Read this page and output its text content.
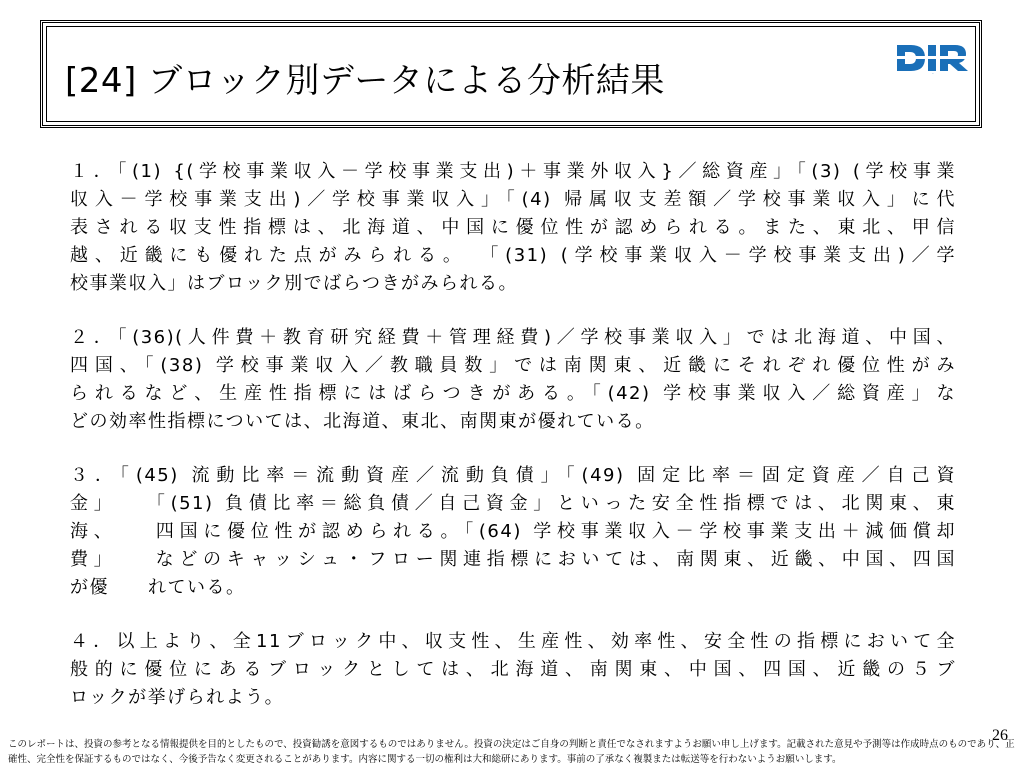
[24] ブロック別データによる分析結果	DIR
１．「(1) {(学校事業収入－学校事業支出)＋事業外収入}／総資産」「(3) (学校事業
収入－学校事業支出)／学校事業収入」「(4) 帰属収支差額／学校事業収入」に代
表される収支性指標は、北海道、中国に優位性が認められる。また、東北、甲信
越、近畿にも優れた点がみられる。 「(31) (学校事業収入－学校事業支出)／学
校事業収入」はブロック別でばらつきがみられる。
２．「(36)(人件費＋教育研究経費＋管理経費)／学校事業収入」では北海道、中国、
四国、「(38) 学校事業収入／教職員数」では南関東、近畿にそれぞれ優位性がみ
られるなど、生産性指標にはばらつきがある。「(42) 学校事業収入／総資産」な
どの効率性指標については、北海道、東北、南関東が優れている。
３．「(45) 流動比率＝流動資産／流動負債」「(49) 固定比率＝固定資産／自己資
金」　　「(51) 負債比率＝総負債／自己資金」といった安全性指標では、北関東、東
海、　　四国に優位性が認められる。「(64) 学校事業収入－学校事業支出＋減価償却
費」　　などのキャッシュ・フロー関連指標においては、南関東、近畿、中国、四国
が優　　れている。
４．以上より、全11ブロック中、収支性、生産性、効率性、安全性の指標において全
般的に優位にあるブロックとしては、北海道、南関東、中国、四国、近畿の５ブ
ロックが挙げられよう。
このレポートは、投資の参考となる情報提供を目的としたもので、投資勧誘を意図するものではありません。投資の決定はご自身の判断と責任でなされますようお願い申し上げます。記載された意見や予測等は作成時点のものであり、正
確性、完全性を保証するものではなく、今後予告なく変更されることがあります。内容に関する一切の権利は大和総研にあります。事前の了承なく複製または転送等を行わないようお願いします。
26
